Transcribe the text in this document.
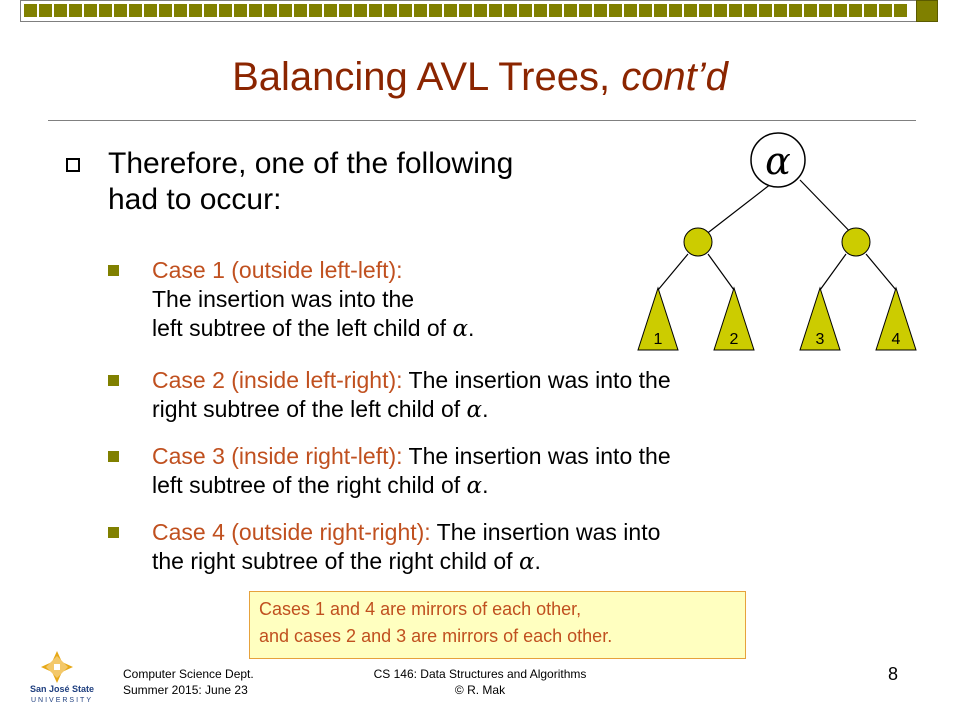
Balancing AVL Trees, cont’d
Therefore, one of the following
had to occur:
Case 1 (outside left-left):
The insertion was into the
left subtree of the left child of α.
Case 2 (inside left-right): The insertion was into the
right subtree of the left child of α.
Case 3 (inside right-left): The insertion was into the
left subtree of the right child of α.
Case 4 (outside right-right): The insertion was into
the right subtree of the right child of α.
α
1	2	3	4
Cases 1 and 4 are mirrors of each other,
and cases 2 and 3 are mirrors of each other.
San José State
UNIVERSITY
Computer Science Dept.
Summer 2015: June 23
CS 146: Data Structures and Algorithms
© R. Mak
8
